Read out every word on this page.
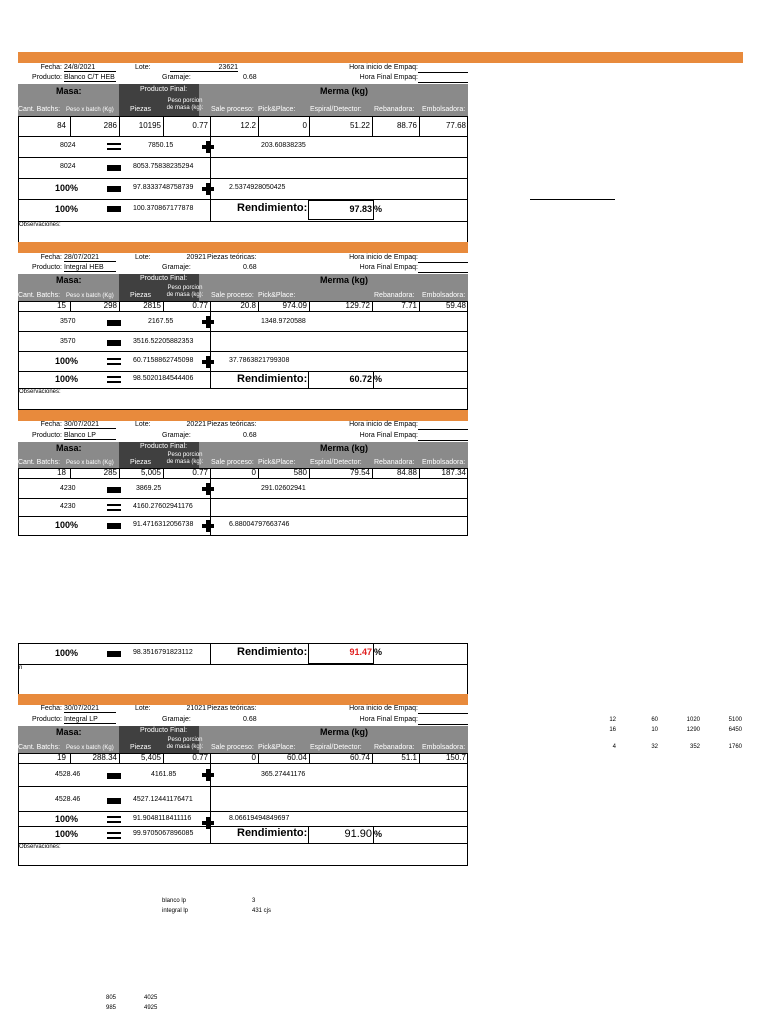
Fecha: 24/8/2021	Lote:	23621	Hora inicio de Empaq:
Producto: Blanco C/T HEB	Gramaje:	0.68	Hora Final Empaq:
Masa:	Producto Final:	Merma (kg)
Cant. Batchs: Peso x batch (Kg) Piezas
Peso porcion de masa (kg):	Sale proceso: Pick&Place: Espiral/Detector: Rebanadora: Embolsadora:
84	286	10195	0.77	12.2	0	51.22	88.76	77.68
8024	7850.15	203.60838235
8024	8053.75838235294
100%	97.8333748758739	2.5374928050425
100%	100.370867177878	Rendimiento:	97.83 %
Observaciones:
Fecha: 28/07/2021	Lote:	20921 Piezas teóricas:	Hora inicio de Empaq:
Producto: Integral HEB	Gramaje:	0.68	Hora Final Empaq:
Masa:	Producto Final:	Merma (kg)
Cant. Batchs: Peso x batch (Kg) Piezas
Peso porcion de masa (kg):	Sale proceso: Pick&Place:	Rebanadora: Embolsadora:
15	298	2815	0.77	20.8	974.09	129.72	7.71	59.48
3570	2167.55	1348.9720588
3570	3516.52205882353
100%	60.7158862745098	37.7863821799308
100%	98.5020184544406	Rendimiento:	60.72 %
Observaciones:
Fecha: 30/07/2021	Lote:	20221 Piezas teóricas:	Hora inicio de Empaq:
Producto: Blanco LP	Gramaje:	0.68	Hora Final Empaq:
Masa:	Producto Final:	Merma (kg)
Cant. Batchs: Peso x batch (Kg) Piezas
Peso porcion de masa (kg):	Sale proceso: Pick&Place: Espiral/Detector: Rebanadora: Embolsadora:
18	285	5,005	0.77	0	580	79.54	84.88	187.34
4230	3869.25	291.02602941
4230	4160.27602941176
100%	91.4716312056738	6.88004797663746
100%	98.3516791823112	Rendimiento:	91.47 %
n
Fecha: 30/07/2021	Lote:	21021 Piezas teóricas:	Hora inicio de Empaq:
Producto: Integral LP	Gramaje:	0.68	Hora Final Empaq:
Masa:	Producto Final:	Merma (kg)
Cant. Batchs: Peso x batch (Kg) Piezas
Peso porcion de masa (kg):	Sale proceso: Pick&Place: Espiral/Detector: Rebanadora: Embolsadora:
19	288.34	5,405	0.77	0	60.04	60.74	51.1	150.7
4528.46	4161.85	365.27441176
4528.46	4527.12441176471
100%	91.9048118411116	8.06619494849697
100%	99.9705067896085	Rendimiento:	91.90 %
Observaciones:
12	60	1020	5100
16	10	1290	6450
4	32	352	1760
blanco lp	3
integral lp	431 cjs
805	4025
985	4925
